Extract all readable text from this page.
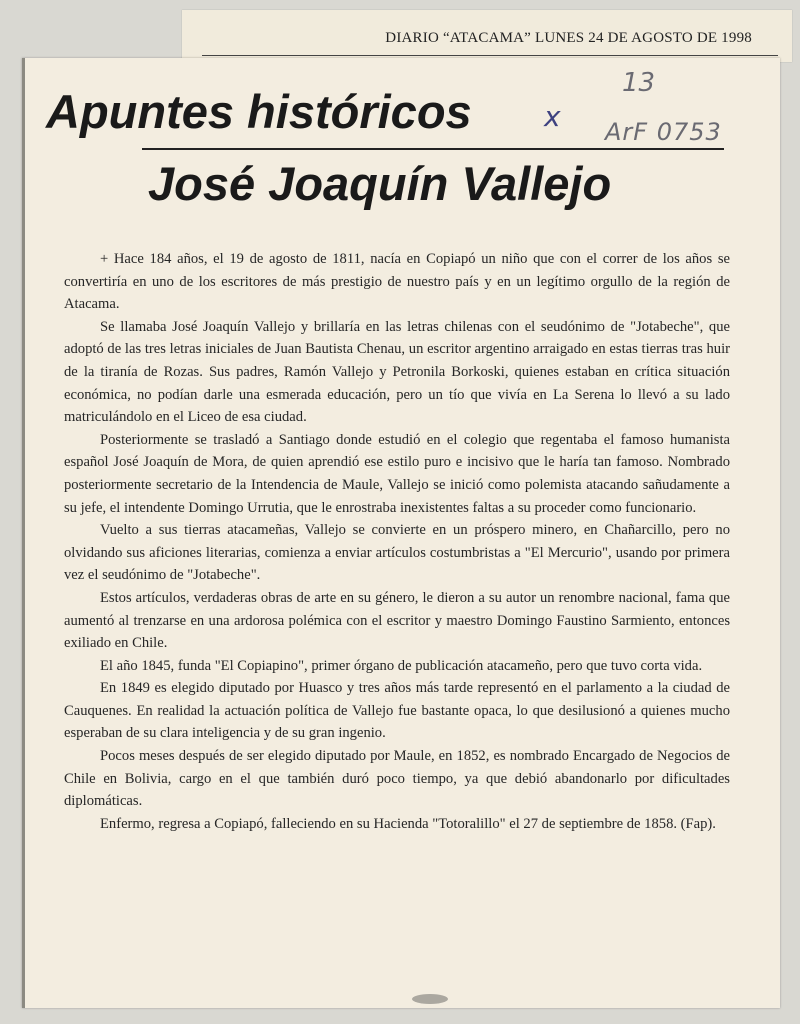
DIARIO “ATACAMA” LUNES 24 DE AGOSTO DE 1998
Apuntes históricos
José Joaquín Vallejo
x
13
ArF 0753

+ Hace 184 años, el 19 de agosto de 1811, nacía en Copiapó un niño que con el correr de los años se convertiría en uno de los escritores de más prestigio de nuestro país y en un legítimo orgullo de la región de Atacama.

Se llamaba José Joaquín Vallejo y brillaría en las letras chilenas con el seudónimo de "Jotabeche", que adoptó de las tres letras iniciales de Juan Bautista Chenau, un escritor argentino arraigado en estas tierras tras huir de la tiranía de Rozas. Sus padres, Ramón Vallejo y Petronila Borkoski, quienes estaban en crítica situación económica, no podían darle una esmerada educación, pero un tío que vivía en La Serena lo llevó a su lado matriculándolo en el Liceo de esa ciudad.

Posteriormente se trasladó a Santiago donde estudió en el colegio que regentaba el famoso humanista español José Joaquín de Mora, de quien aprendió ese estilo puro e incisivo que le haría tan famoso. Nombrado posteriormente secretario de la Intendencia de Maule, Vallejo se inició como polemista atacando sañudamente a su jefe, el intendente Domingo Urrutia, que le enrostraba inexistentes faltas a su proceder como funcionario.

Vuelto a sus tierras atacameñas, Vallejo se convierte en un próspero minero, en Chañarcillo, pero no olvidando sus aficiones literarias, comienza a enviar artículos costumbristas a "El Mercurio", usando por primera vez el seudónimo de "Jotabeche".

Estos artículos, verdaderas obras de arte en su género, le dieron a su autor un renombre nacional, fama que aumentó al trenzarse en una ardorosa polémica con el escritor y maestro Domingo Faustino Sarmiento, entonces exiliado en Chile.

El año 1845, funda "El Copiapino", primer órgano de publicación atacameño, pero que tuvo corta vida.

En 1849 es elegido diputado por Huasco y tres años más tarde representó en el parlamento a la ciudad de Cauquenes. En realidad la actuación política de Vallejo fue bastante opaca, lo que desilusionó a quienes mucho esperaban de su clara inteligencia y de su gran ingenio.

Pocos meses después de ser elegido diputado por Maule, en 1852, es nombrado Encargado de Negocios de Chile en Bolivia, cargo en el que también duró poco tiempo, ya que debió abandonarlo por dificultades diplomáticas.

Enfermo, regresa a Copiapó, falleciendo en su Hacienda "Totoralillo" el 27 de septiembre de 1858. (Fap).
